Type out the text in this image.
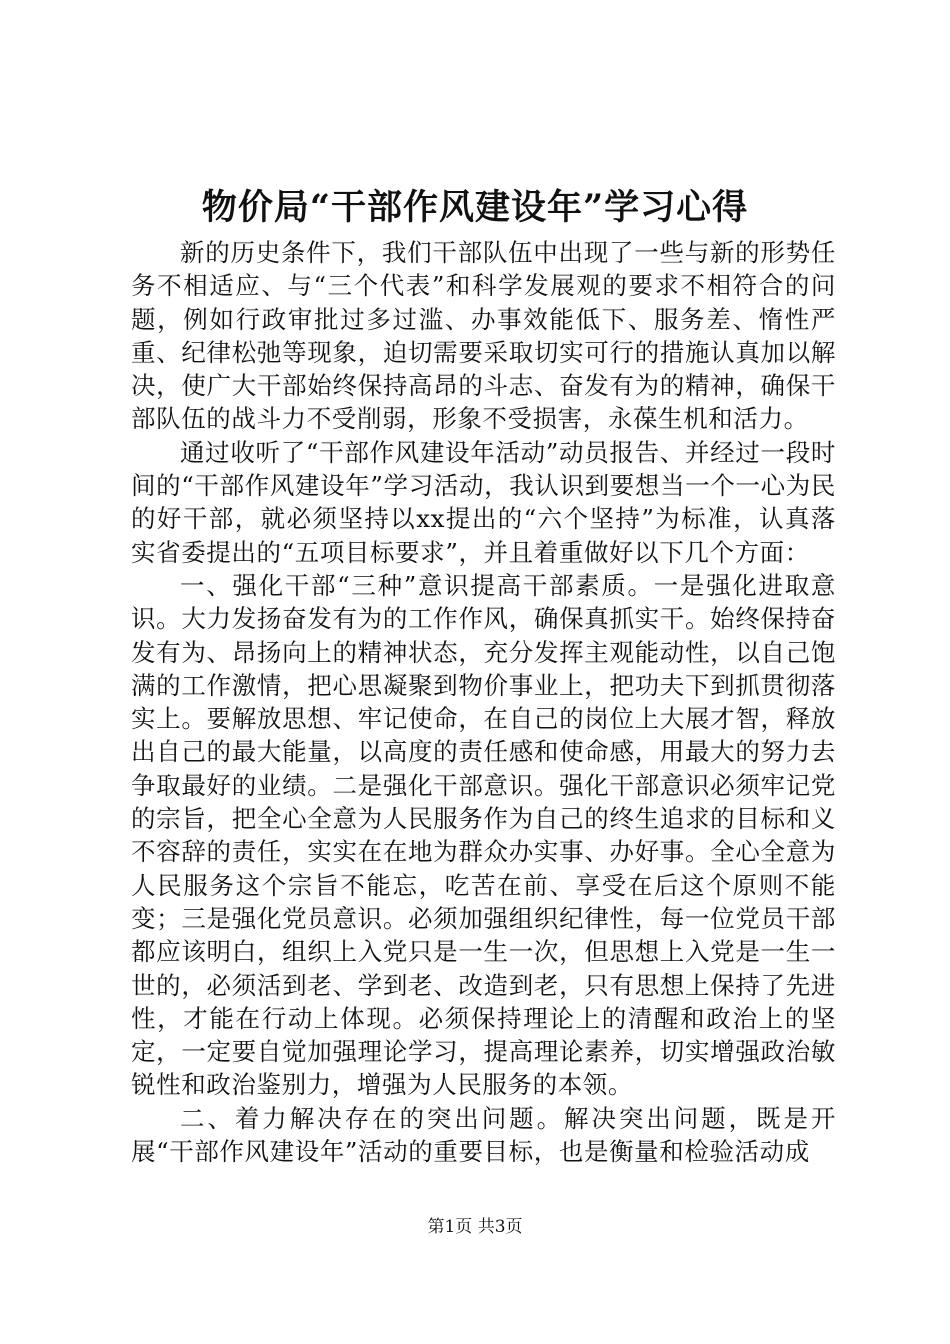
物价局“干部作风建设年”学习心得

新的历史条件下，我们干部队伍中出现了一些与新的形势任务不相适应、与“三个代表”和科学发展观的要求不相符合的问题，例如行政审批过多过滥、办事效能低下、服务差、惰性严重、纪律松弛等现象，迫切需要采取切实可行的措施认真加以解决，使广大干部始终保持高昂的斗志、奋发有为的精神，确保干部队伍的战斗力不受削弱，形象不受损害，永葆生机和活力。

通过收听了“干部作风建设年活动”动员报告、并经过一段时间的“干部作风建设年”学习活动，我认识到要想当一个一心为民的好干部，就必须坚持以xx提出的“六个坚持”为标准，认真落实省委提出的“五项目标要求”，并且着重做好以下几个方面：

一、强化干部“三种”意识提高干部素质。一是强化进取意识。大力发扬奋发有为的工作作风，确保真抓实干。始终保持奋发有为、昂扬向上的精神状态，充分发挥主观能动性，以自己饱满的工作激情，把心思凝聚到物价事业上，把功夫下到抓贯彻落实上。要解放思想、牢记使命，在自己的岗位上大展才智，释放出自己的最大能量，以高度的责任感和使命感，用最大的努力去争取最好的业绩。二是强化干部意识。强化干部意识必须牢记党的宗旨，把全心全意为人民服务作为自己的终生追求的目标和义不容辞的责任，实实在在地为群众办实事、办好事。全心全意为人民服务这个宗旨不能忘，吃苦在前、享受在后这个原则不能变；三是强化党员意识。必须加强组织纪律性，每一位党员干部都应该明白，组织上入党只是一生一次，但思想上入党是一生一世的，必须活到老、学到老、改造到老，只有思想上保持了先进性，才能在行动上体现。必须保持理论上的清醒和政治上的坚定，一定要自觉加强理论学习，提高理论素养，切实增强政治敏锐性和政治鉴别力，增强为人民服务的本领。

二、着力解决存在的突出问题。解决突出问题，既是开展“干部作风建设年”活动的重要目标，也是衡量和检验活动成

第1页 共3页
